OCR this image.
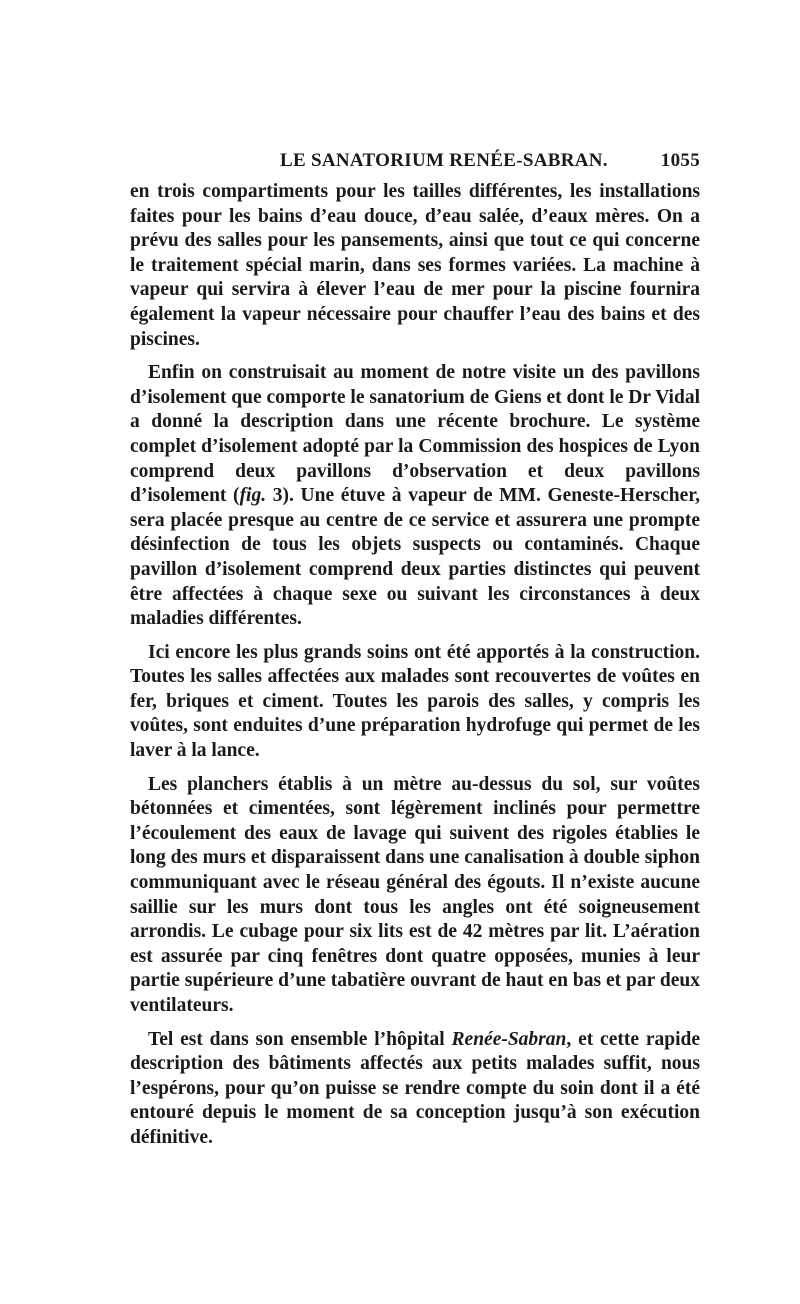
LE SANATORIUM RENÉE-SABRAN.	1055

en trois compartiments pour les tailles différentes, les installations faites pour les bains d’eau douce, d’eau salée, d’eaux mères. On a prévu des salles pour les pansements, ainsi que tout ce qui concerne le traitement spécial marin, dans ses formes variées. La machine à vapeur qui servira à élever l’eau de mer pour la piscine fournira également la vapeur nécessaire pour chauffer l’eau des bains et des piscines.

Enfin on construisait au moment de notre visite un des pavillons d’isolement que comporte le sanatorium de Giens et dont le Dr Vidal a donné la description dans une récente brochure. Le système complet d’isolement adopté par la Commission des hospices de Lyon comprend deux pavillons d’observation et deux pavillons d’isolement (fig. 3). Une étuve à vapeur de MM. Geneste-Herscher, sera placée presque au centre de ce service et assurera une prompte désinfection de tous les objets suspects ou contaminés. Chaque pavillon d’isolement comprend deux parties distinctes qui peuvent être affectées à chaque sexe ou suivant les circonstances à deux maladies différentes.

Ici encore les plus grands soins ont été apportés à la construction. Toutes les salles affectées aux malades sont recouvertes de voûtes en fer, briques et ciment. Toutes les parois des salles, y compris les voûtes, sont enduites d’une préparation hydrofuge qui permet de les laver à la lance.

Les planchers établis à un mètre au-dessus du sol, sur voûtes bétonnées et cimentées, sont légèrement inclinés pour permettre l’écoulement des eaux de lavage qui suivent des rigoles établies le long des murs et disparaissent dans une canalisation à double siphon communiquant avec le réseau général des égouts. Il n’existe aucune saillie sur les murs dont tous les angles ont été soigneusement arrondis. Le cubage pour six lits est de 42 mètres par lit. L’aération est assurée par cinq fenêtres dont quatre opposées, munies à leur partie supérieure d’une tabatière ouvrant de haut en bas et par deux ventilateurs.

Tel est dans son ensemble l’hôpital Renée-Sabran, et cette rapide description des bâtiments affectés aux petits malades suffit, nous l’espérons, pour qu’on puisse se rendre compte du soin dont il a été entouré depuis le moment de sa conception jusqu’à son exécution définitive.
